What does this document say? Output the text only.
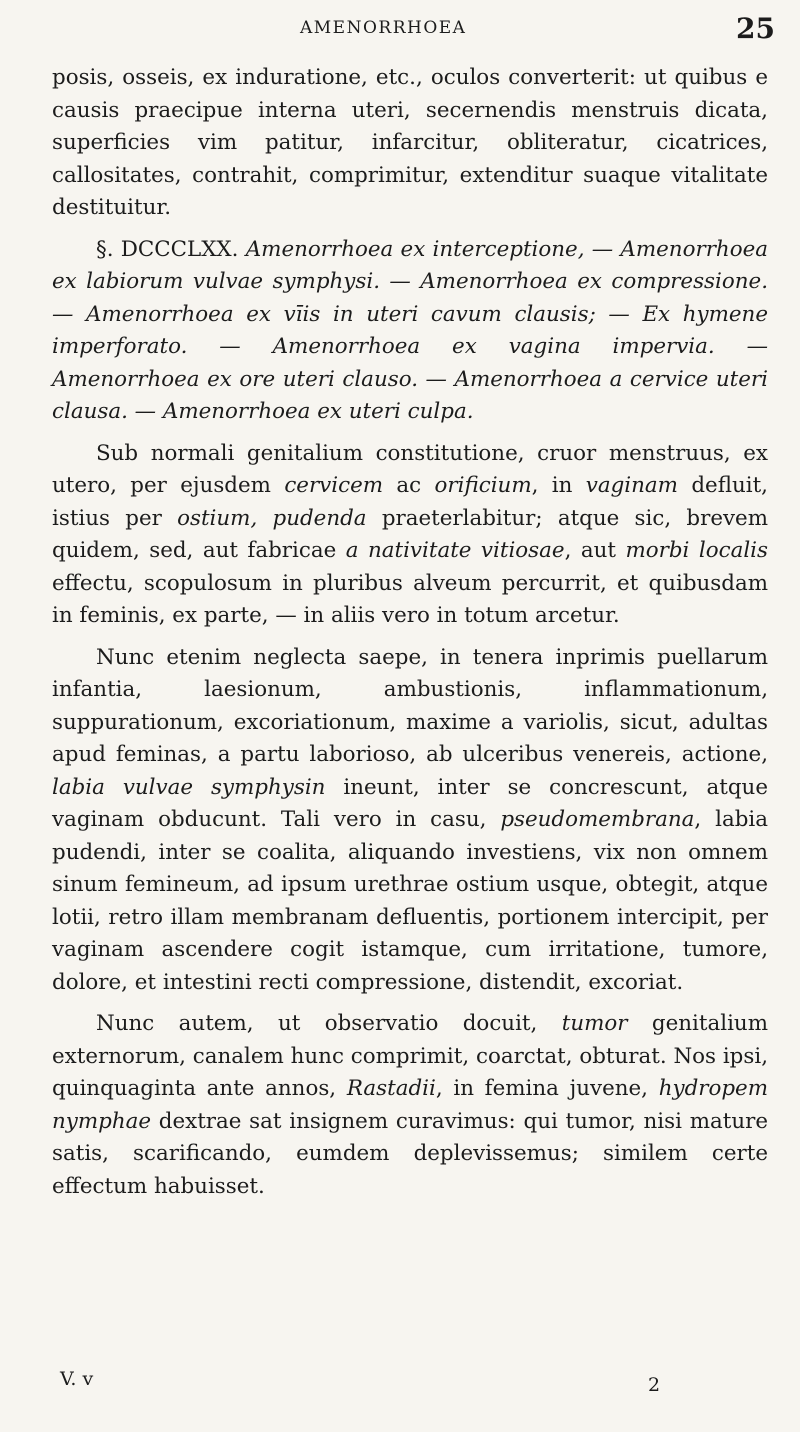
AMENORRHOEA	25

posis, osseis, ex induratione, etc., oculos converterit: ut quibus e causis praecipue interna uteri, secernendis menstruis dicata, superficies vim patitur, infarcitur, obliteratur, cicatrices, callositates, contrahit, comprimitur, extenditur suaque vitalitate destituitur.

§. DCCCLXX. Amenorrhoea ex interceptione, — Amenorrhoea ex labiorum vulvae symphysi. — Amenorrhoea ex compressione. — Amenorrhoea ex vīis in uteri cavum clausis; — Ex hymene imperforato. — Amenorrhoea ex vagina impervia. — Amenorrhoea ex ore uteri clauso. — Amenorrhoea a cervice uteri clausa. — Amenorrhoea ex uteri culpa.

Sub normali genitalium constitutione, cruor menstruus, ex utero, per ejusdem cervicem ac orificium, in vaginam defluit, istius per ostium, pudenda praeterlabitur; atque sic, brevem quidem, sed, aut fabricae a nativitate vitiosae, aut morbi localis effectu, scopulosum in pluribus alveum percurrit, et quibusdam in feminis, ex parte, — in aliis vero in totum arcetur.

Nunc etenim neglecta saepe, in tenera inprimis puellarum infantia, laesionum, ambustionis, inflammationum, suppurationum, excoriationum, maxime a variolis, sicut, adultas apud feminas, a partu laborioso, ab ulceribus venereis, actione, labia vulvae symphysin ineunt, inter se concrescunt, atque vaginam obducunt. Tali vero in casu, pseudomembrana, labia pudendi, inter se coalita, aliquando investiens, vix non omnem sinum femineum, ad ipsum urethrae ostium usque, obtegit, atque lotii, retro illam membranam defluentis, portionem intercipit, per vaginam ascendere cogit istamque, cum irritatione, tumore, dolore, et intestini recti compressione, distendit, excoriat.

Nunc autem, ut observatio docuit, tumor genitalium externorum, canalem hunc comprimit, coarctat, obturat. Nos ipsi, quinquaginta ante annos, Rastadii, in femina juvene, hydropem nymphae dextrae sat insignem curavimus: qui tumor, nisi mature satis, scarificando, eumdem deplevissemus; similem certe effectum habuisset.

V. v	2
